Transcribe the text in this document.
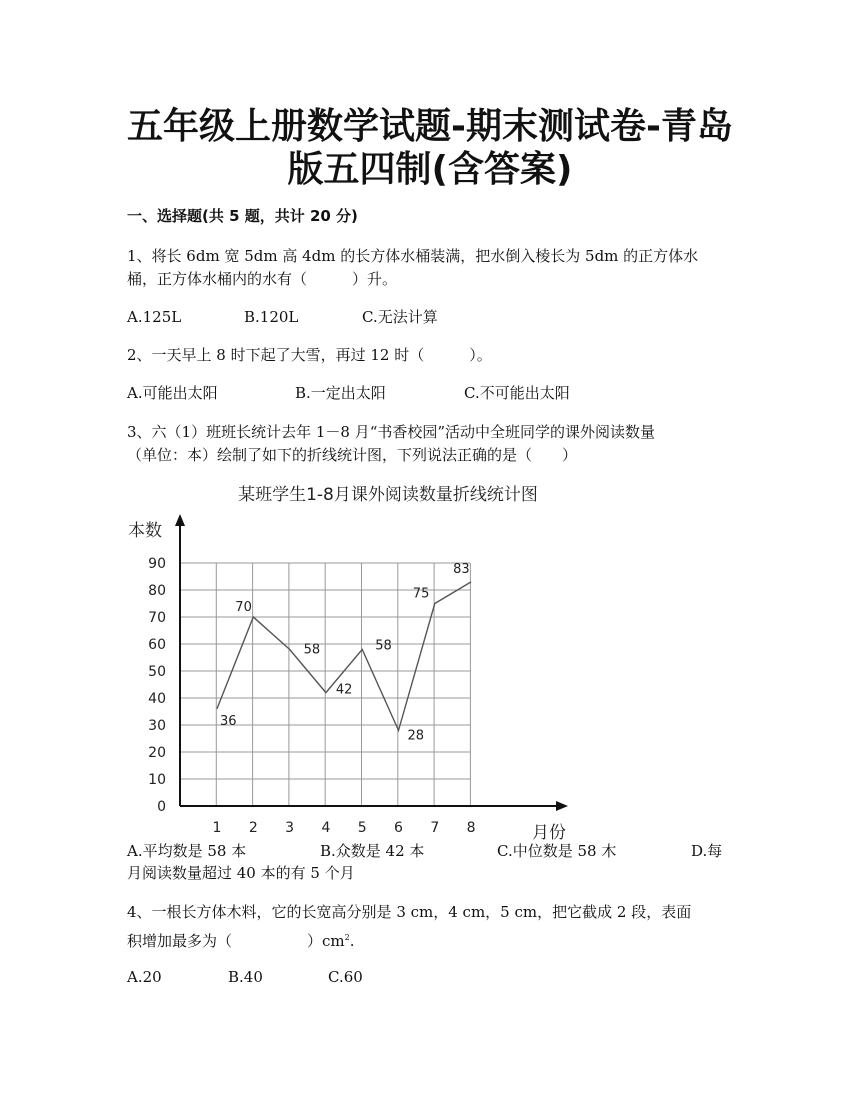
五年级上册数学试题-期末测试卷-青岛
版五四制(含答案)
一、选择题(共 5 题，共计 20 分)
1、将长 6dm 宽 5dm 高 4dm 的长方体水桶装满，把水倒入棱长为 5dm 的正方体水
桶，正方体水桶内的水有（　　　）升。
A.125L	B.120L	C.无法计算
2、一天早上 8 时下起了大雪，再过 12 时（　　　）。
A.可能出太阳	B.一定出太阳	C.不可能出太阳
3、六（1）班班长统计去年 1－8 月“书香校园”活动中全班同学的课外阅读数量
（单位：本）绘制了如下的折线统计图，下列说法正确的是（　　）
某班学生1-8月课外阅读数量折线统计图
本数
月份
0
10
20
30
40
50
60
70
80
90
1 2 3 4 5 6 7 8
36
70
58
42
58
28
75
83
A.平均数是 58 本	B.众数是 42 本	C.中位数是 58 木	D.每
月阅读数量超过 40 本的有 5 个月
4、一根长方体木料，它的长宽高分别是 3 cm，4 cm，5 cm，把它截成 2 段，表面
积增加最多为（　　　　　）$cm^2$.
A.20	B.40	C.60
